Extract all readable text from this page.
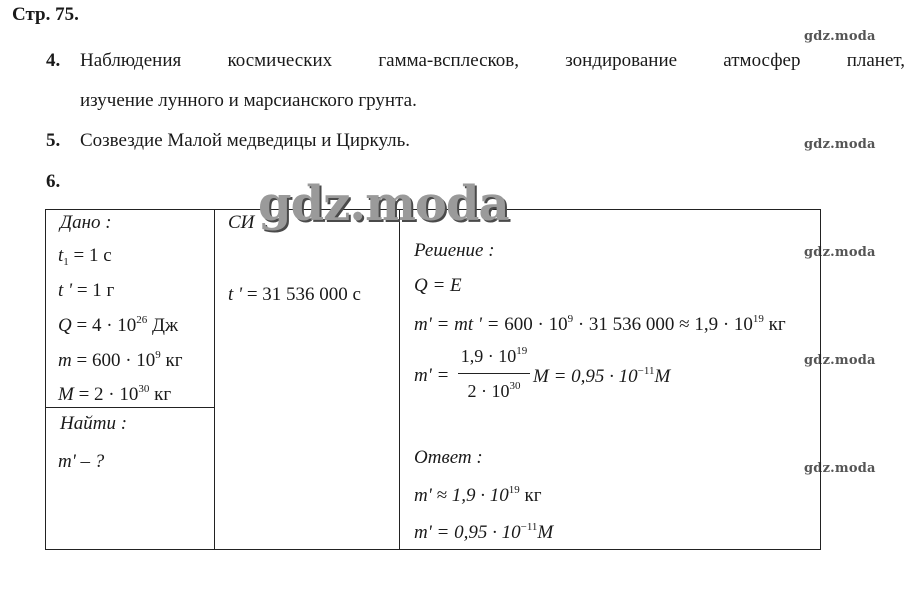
Стр. 75.
gdz.moda
gdz.moda
gdz.moda
gdz.moda
gdz.moda
4. Наблюдения космических гамма-всплесков, зондирование атмосфер планет,
изучение лунного и марсианского грунта.
5. Созвездие Малой медведицы и Циркуль.
6.
Дано :
$t_1 = 1$ с
t ' = 1 г
$Q = 4 \cdot 10^{26}$ Дж
$m = 600 \cdot 10^9$ кг
$M = 2 \cdot 10^{30}$ кг
Найти :
m' – ?
СИ
t ' = 31 536 000 с
Решение :
Q = E
m' = mt ' = $600 \cdot 10^9 \cdot 31$ 536 $000 \approx 1,9 \cdot 10^{19}$ кг
m' =
$1,9 \cdot 10^{19}$
$2 \cdot 10^{30}$ $M = 0,95 \cdot 10^{-11}M$
Ответ :
$m' \approx 1,9 \cdot 10^{19}$ кг
$m' = 0,95 \cdot 10^{-11}M$
gdz.moda
